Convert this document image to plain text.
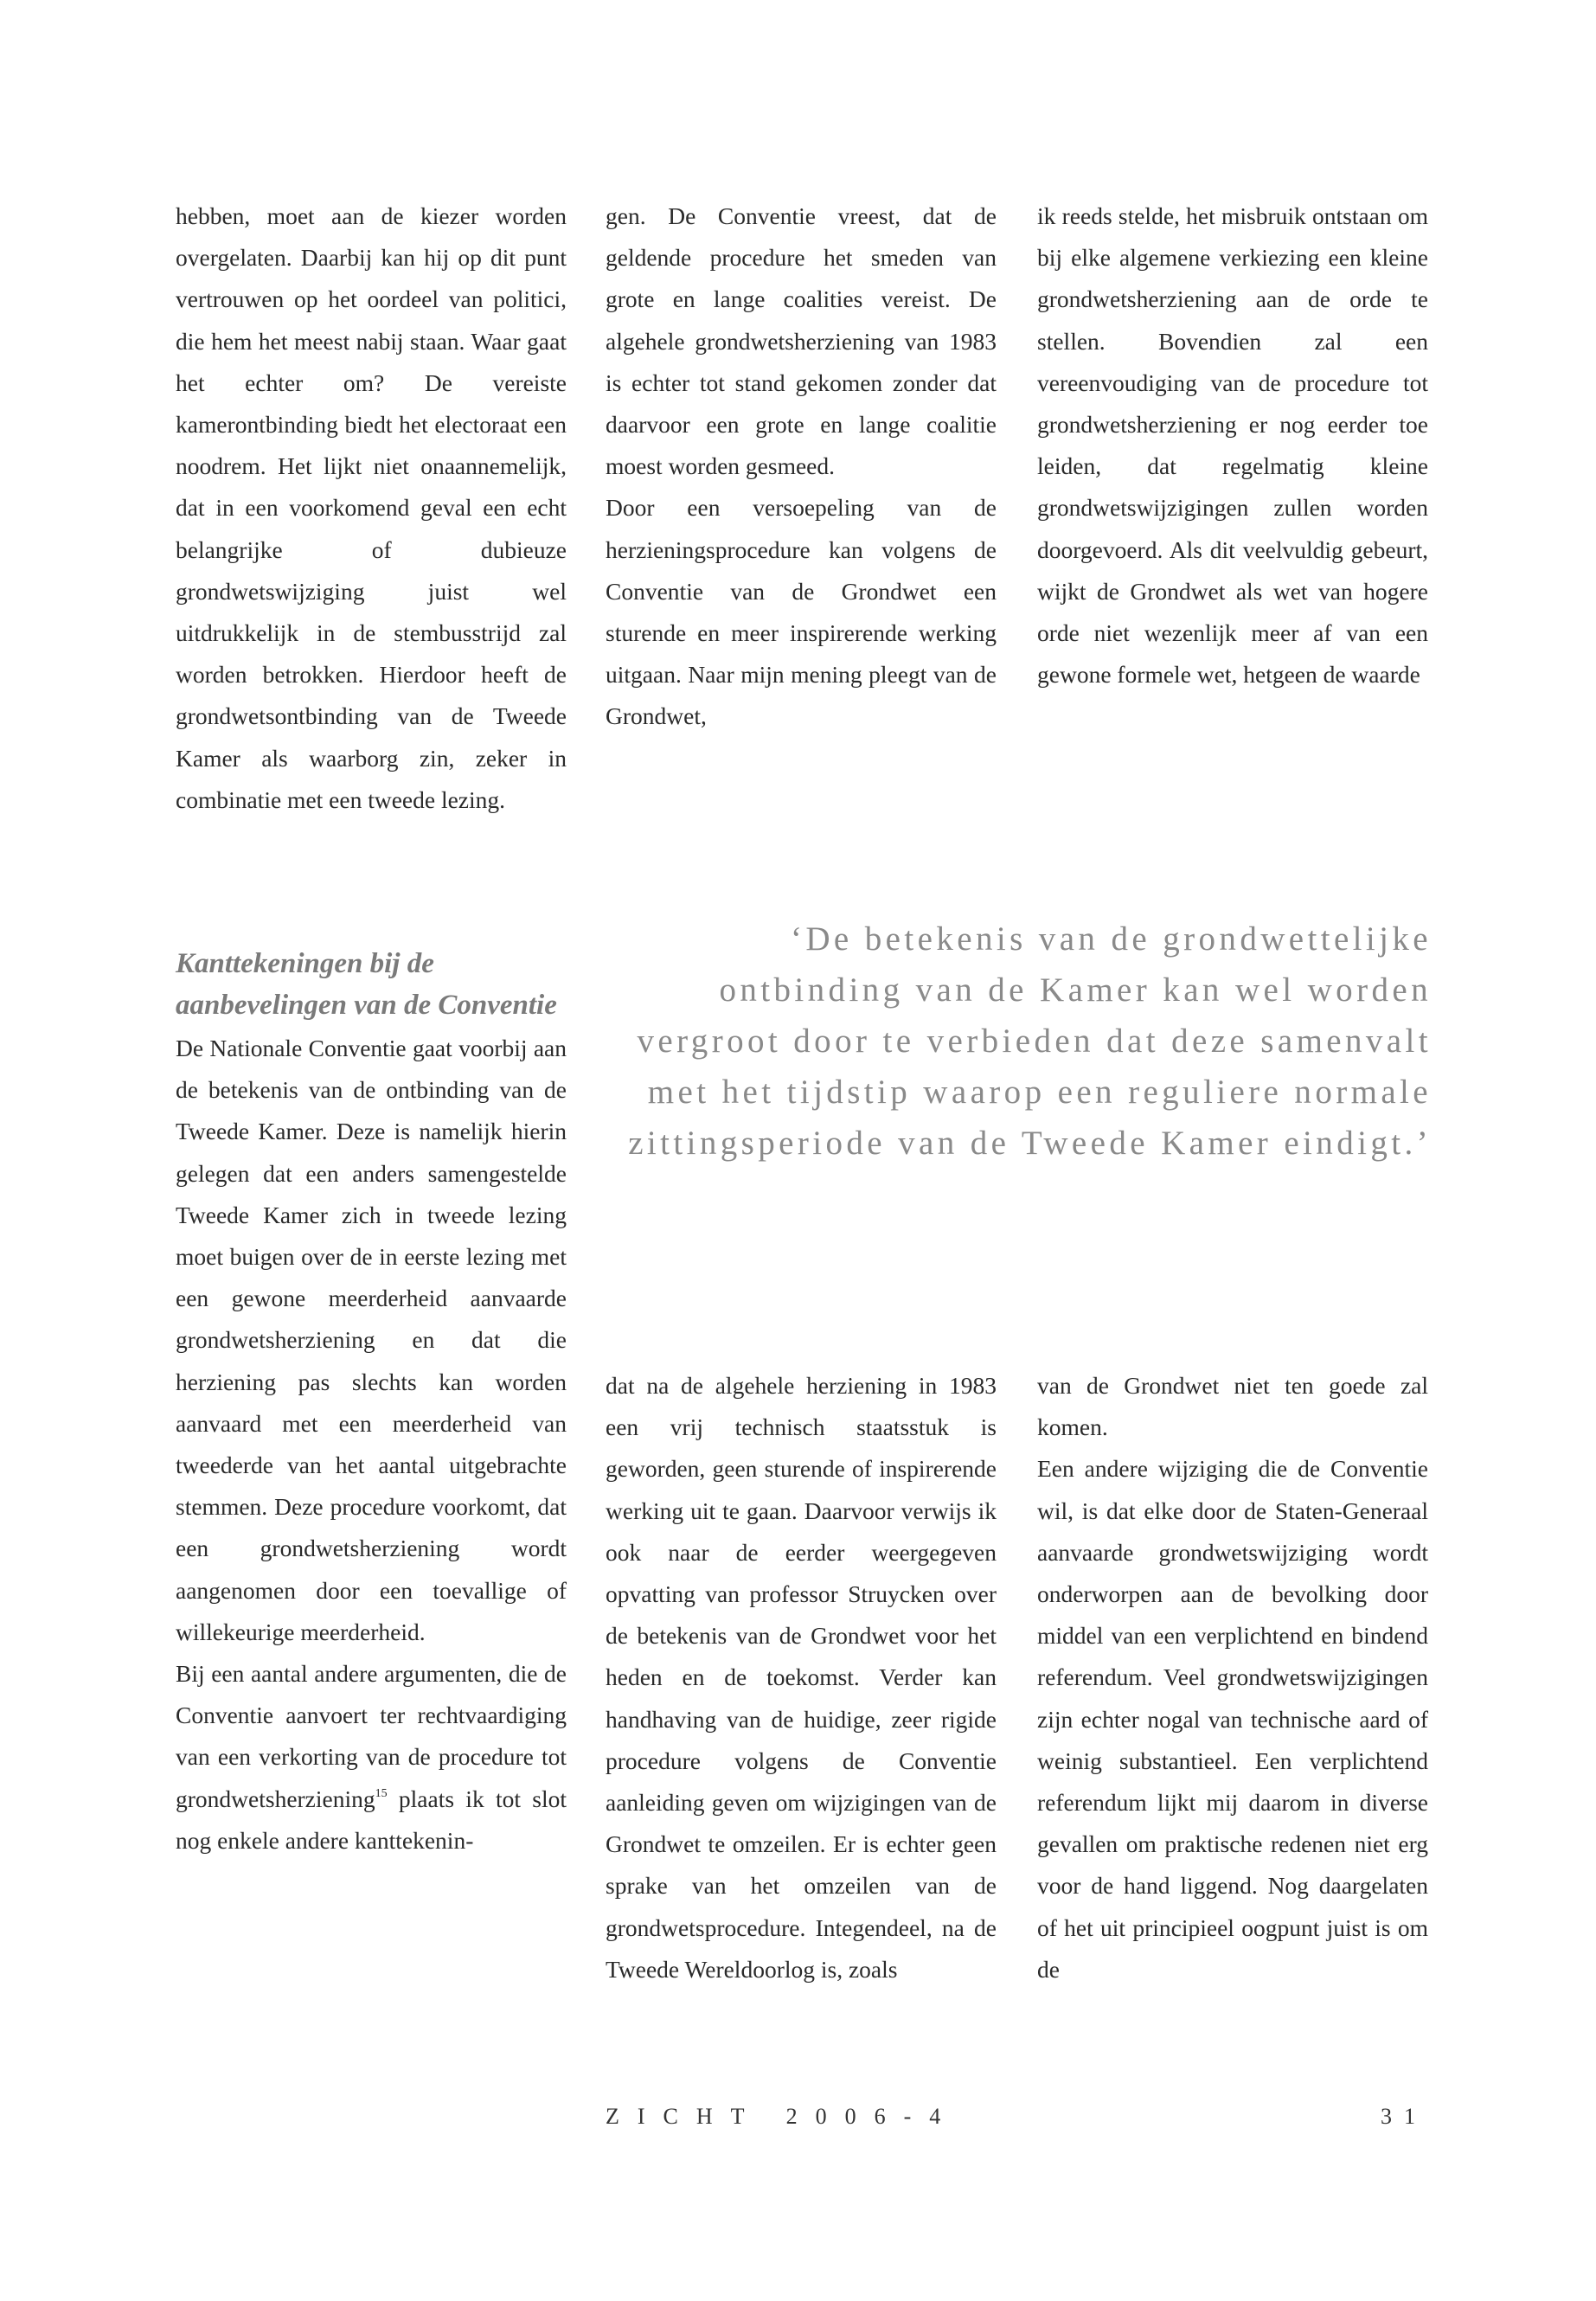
hebben, moet aan de kiezer worden overgelaten. Daarbij kan hij op dit punt vertrouwen op het oordeel van politici, die hem het meest nabij staan. Waar gaat het echter om? De vereiste kamerontbinding biedt het electoraat een noodrem. Het lijkt niet onaannemelijk, dat in een voorkomend geval een echt belangrijke of dubieuze grondwetswijziging juist wel uitdrukkelijk in de stembusstrijd zal worden betrokken. Hierdoor heeft de grondwetsontbinding van de Tweede Kamer als waarborg zin, zeker in combinatie met een tweede lezing.

gen. De Conventie vreest, dat de geldende procedure het smeden van grote en lange coalities vereist. De algehele grondwetsherziening van 1983 is echter tot stand gekomen zonder dat daarvoor een grote en lange coalitie moest worden gesmeed.

Door een versoepeling van de herzieningsprocedure kan volgens de Conventie van de Grondwet een sturende en meer inspirerende werking uitgaan. Naar mijn mening pleegt van de Grondwet,

ik reeds stelde, het misbruik ontstaan om bij elke algemene verkiezing een kleine grondwetsherziening aan de orde te stellen. Bovendien zal een vereenvoudiging van de procedure tot grondwetsherziening er nog eerder toe leiden, dat regelmatig kleine grondwetswijzigingen zullen worden doorgevoerd. Als dit veelvuldig gebeurt, wijkt de Grondwet als wet van hogere orde niet wezenlijk meer af van een gewone formele wet, hetgeen de waarde

Kanttekeningen bij de aanbevelingen van de Conventie

De Nationale Conventie gaat voorbij aan de betekenis van de ontbinding van de Tweede Kamer. Deze is namelijk hierin gelegen dat een anders samengestelde Tweede Kamer zich in tweede lezing moet buigen over de in eerste lezing met een gewone meerderheid aanvaarde grondwetsherziening en dat die herziening pas slechts kan worden aanvaard met een meerderheid van tweederde van het aantal uitgebrachte stemmen. Deze procedure voorkomt, dat een grondwetsherziening wordt aangenomen door een toevallige of willekeurige meerderheid.

Bij een aantal andere argumenten, die de Conventie aanvoert ter rechtvaardiging van een verkorting van de procedure tot grondwetsherziening$^{15}$ plaats ik tot slot nog enkele andere kanttekenin-

‘De betekenis van de grondwettelijke ontbinding van de Kamer kan wel worden vergroot door te verbieden dat deze samenvalt met het tijdstip waarop een reguliere normale zittingsperiode van de Tweede Kamer eindigt.’

dat na de algehele herziening in 1983 een vrij technisch staatsstuk is geworden, geen sturende of inspirerende werking uit te gaan. Daarvoor verwijs ik ook naar de eerder weergegeven opvatting van professor Struycken over de betekenis van de Grondwet voor het heden en de toekomst. Verder kan handhaving van de huidige, zeer rigide procedure volgens de Conventie aanleiding geven om wijzigingen van de Grondwet te omzeilen. Er is echter geen sprake van het omzeilen van de grondwetsprocedure. Integendeel, na de Tweede Wereldoorlog is, zoals

van de Grondwet niet ten goede zal komen.

Een andere wijziging die de Conventie wil, is dat elke door de Staten-Generaal aanvaarde grondwetswijziging wordt onderworpen aan de bevolking door middel van een verplichtend en bindend referendum. Veel grondwetswijzigingen zijn echter nogal van technische aard of weinig substantieel. Een verplichtend referendum lijkt mij daarom in diverse gevallen om praktische redenen niet erg voor de hand liggend. Nog daargelaten of het uit principieel oogpunt juist is om de

ZICHT 2006-4	31
